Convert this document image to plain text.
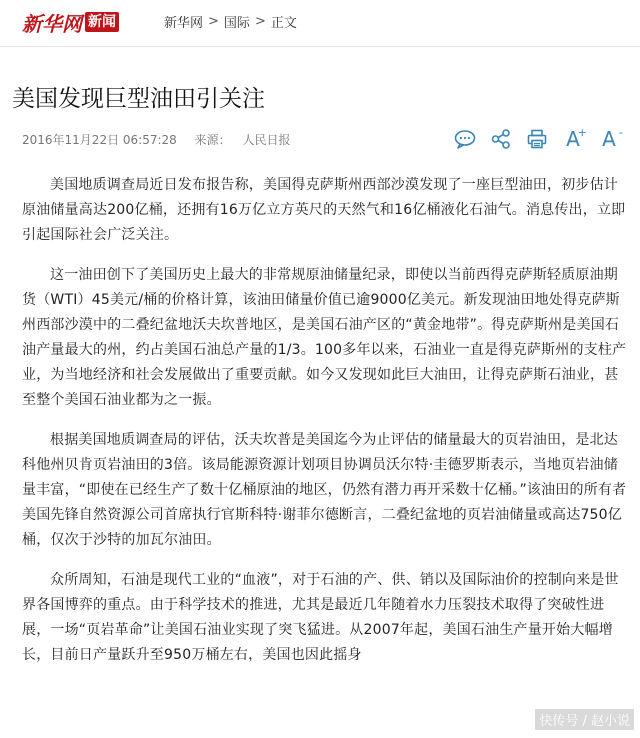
新华网 新闻	新华网 > 国际 > 正文
美国发现巨型油田引关注
2016年11月22日 06:57:28 来源： 人民日报	A
+ A -

美国地质调查局近日发布报告称，美国得克萨斯州西部沙漠发现了一座巨型油田，初步估计原油储量高达200亿桶，还拥有16万亿立方英尺的天然气和16亿桶液化石油气。消息传出，立即引起国际社会广泛关注。

这一油田创下了美国历史上最大的非常规原油储量纪录，即使以当前西得克萨斯轻质原油期货（WTI）45美元/桶的价格计算，该油田储量价值已逾9000亿美元。新发现油田地处得克萨斯州西部沙漠中的二叠纪盆地沃夫坎普地区，是美国石油产区的“黄金地带”。得克萨斯州是美国石油产量最大的州，约占美国石油总产量的1/3。100多年以来，石油业一直是得克萨斯州的支柱产业，为当地经济和社会发展做出了重要贡献。如今又发现如此巨大油田，让得克萨斯石油业，甚至整个美国石油业都为之一振。

根据美国地质调查局的评估，沃夫坎普是美国迄今为止评估的储量最大的页岩油田，是北达科他州贝肯页岩油田的3倍。该局能源资源计划项目协调员沃尔特·圭德罗斯表示，当地页岩油储量丰富，“即使在已经生产了数十亿桶原油的地区，仍然有潜力再开采数十亿桶。”该油田的所有者美国先锋自然资源公司首席执行官斯科特·谢菲尔德断言，二叠纪盆地的页岩油储量或高达750亿桶，仅次于沙特的加瓦尔油田。

众所周知，石油是现代工业的“血液”，对于石油的产、供、销以及国际油价的控制向来是世界各国博弈的重点。由于科学技术的推进，尤其是最近几年随着水力压裂技术取得了突破性进展，一场“页岩革命”让美国石油业实现了突飞猛进。从2007年起，美国石油生产量开始大幅增长，目前日产量跃升至950万桶左右，美国也因此摇身

快传号 / 赵小说
